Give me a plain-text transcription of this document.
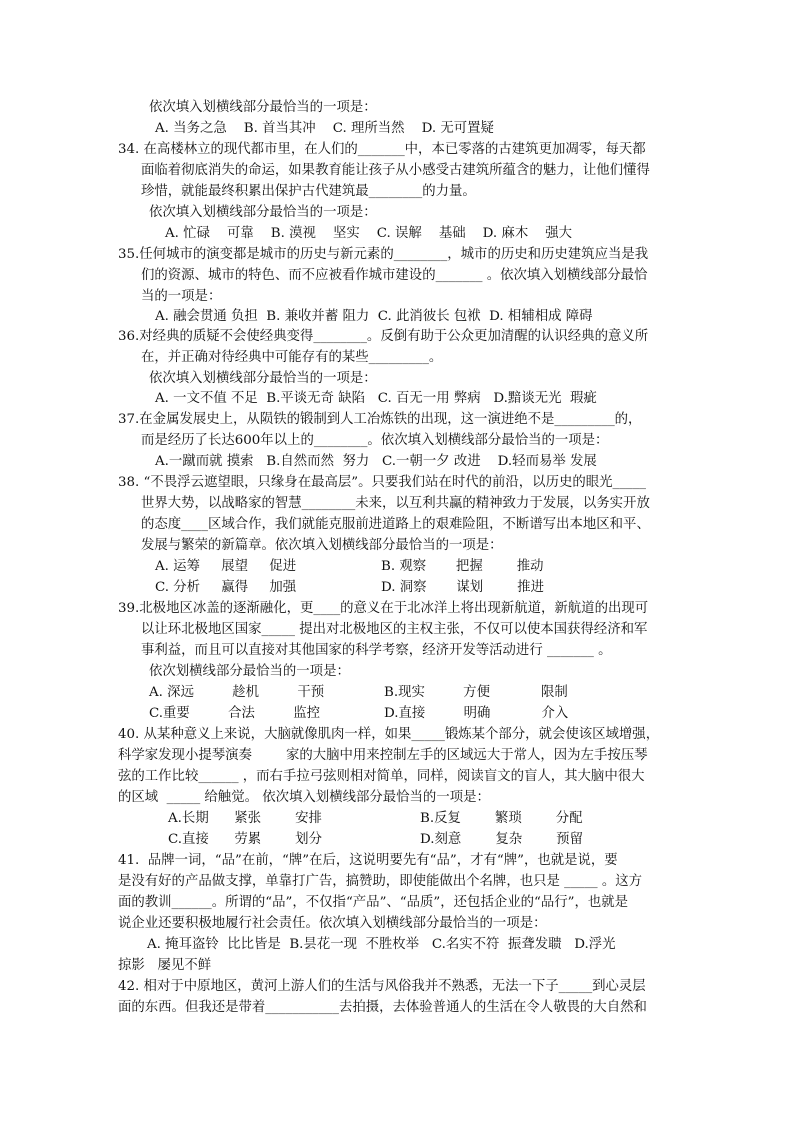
依次填入划横线部分最恰当的一项是：
A. 当务之急    B. 首当其冲    C. 理所当然    D. 无可置疑
34. 在高楼林立的现代都市里，在人们的_______中，本已零落的古建筑更加凋零，每天都
面临着彻底消失的命运，如果教育能让孩子从小感受古建筑所蕴含的魅力，让他们懂得
珍惜，就能最终积累出保护古代建筑最________的力量。
依次填入划横线部分最恰当的一项是：
A. 忙碌    可靠    B. 漠视    坚实    C. 误解    基础    D. 麻木    强大
35.任何城市的演变都是城市的历史与新元素的________，城市的历史和历史建筑应当是我
们的资源、城市的特色、而不应被看作城市建设的_______ 。依次填入划横线部分最恰
当的一项是：
A. 融会贯通 负担  B. 兼收并蓄 阻力  C. 此消彼长 包袱  D. 相辅相成 障碍
36.对经典的质疑不会使经典变得________。反倒有助于公众更加清醒的认识经典的意义所
在，并正确对待经典中可能存有的某些_________。
依次填入划横线部分最恰当的一项是：
A. 一文不值 不足  B.平谈无奇 缺陷   C. 百无一用 弊病   D.黯谈无光  瑕疵
37.在金属发展史上，从陨铁的锻制到人工冶炼铁的出现，这一演进绝不是_________的，
而是经历了长达600年以上的________。依次填入划横线部分最恰当的一项是：
A.一蹴而就 摸索   B.自然而然  努力   C.一朝一夕 改进    D.轻而易举 发展
38. “不畏浮云遮望眼，只缘身在最高层”。只要我们站在时代的前沿，以历史的眼光_____
世界大势，以战略家的智慧________未来，以互利共赢的精神致力于发展，以务实开放
的态度____区域合作，我们就能克服前进道路上的艰难险阻，不断谱写出本地区和平、
发展与繁荣的新篇章。依次填入划横线部分最恰当的一项是：
A. 运筹     展望     促进	B. 观察       把握        推动
C. 分析     赢得     加强	D. 洞察       谋划        推进
39.北极地区冰盖的逐渐融化，更____的意义在于北冰洋上将出现新航道，新航道的出现可
以让环北极地区国家_____ 提出对北极地区的主权主张，不仅可以使本国获得经济和军
事利益，而且可以直接对其他国家的科学考察，经济开发等活动进行 _______ 。
依次划横线部分最恰当的一项是：
A. 深远         趁机         干预	B.现实         方便            限制
C.重要         合法         监控	D.直接         明确            介入
40. 从某种意义上来说，大脑就像肌肉一样，如果_____锻炼某个部分，就会使该区域增强，
科学家发现小提琴演奏        家的大脑中用来控制左手的区域远大于常人，因为左手按压琴
弦的工作比较______ ，而右手拉弓弦则相对简单，同样，阅读盲文的盲人，其大脑中很大
的区域  _____ 给触觉。 依次填入划横线部分最恰当的一项是：
A.长期      紧张        安排	B.反复        繁琐        分配
C.直接      劳累        划分	D.刻意        复杂        预留
41.  品牌一词，“品”在前，“牌”在后，这说明要先有“品”，才有“牌”，也就是说，要
是没有好的产品做支撑，单靠打广告，搞赞助，即使能做出个名牌，也只是 _____ 。这方
面的教训______。所谓的“品”，不仅指“产品”、“品质”，还包括企业的“品行”，也就是
说企业还要积极地履行社会责任。依次填入划横线部分最恰当的一项是：
A. 掩耳盗铃  比比皆是  B.昙花一现  不胜枚举   C.名实不符  振聋发聩   D.浮光
掠影   屡见不鲜
42. 相对于中原地区，黄河上游人们的生活与风俗我并不熟悉，无法一下子_____到心灵层
面的东西。但我还是带着___________去拍摄，去体验普通人的生活在令人敬畏的大自然和
